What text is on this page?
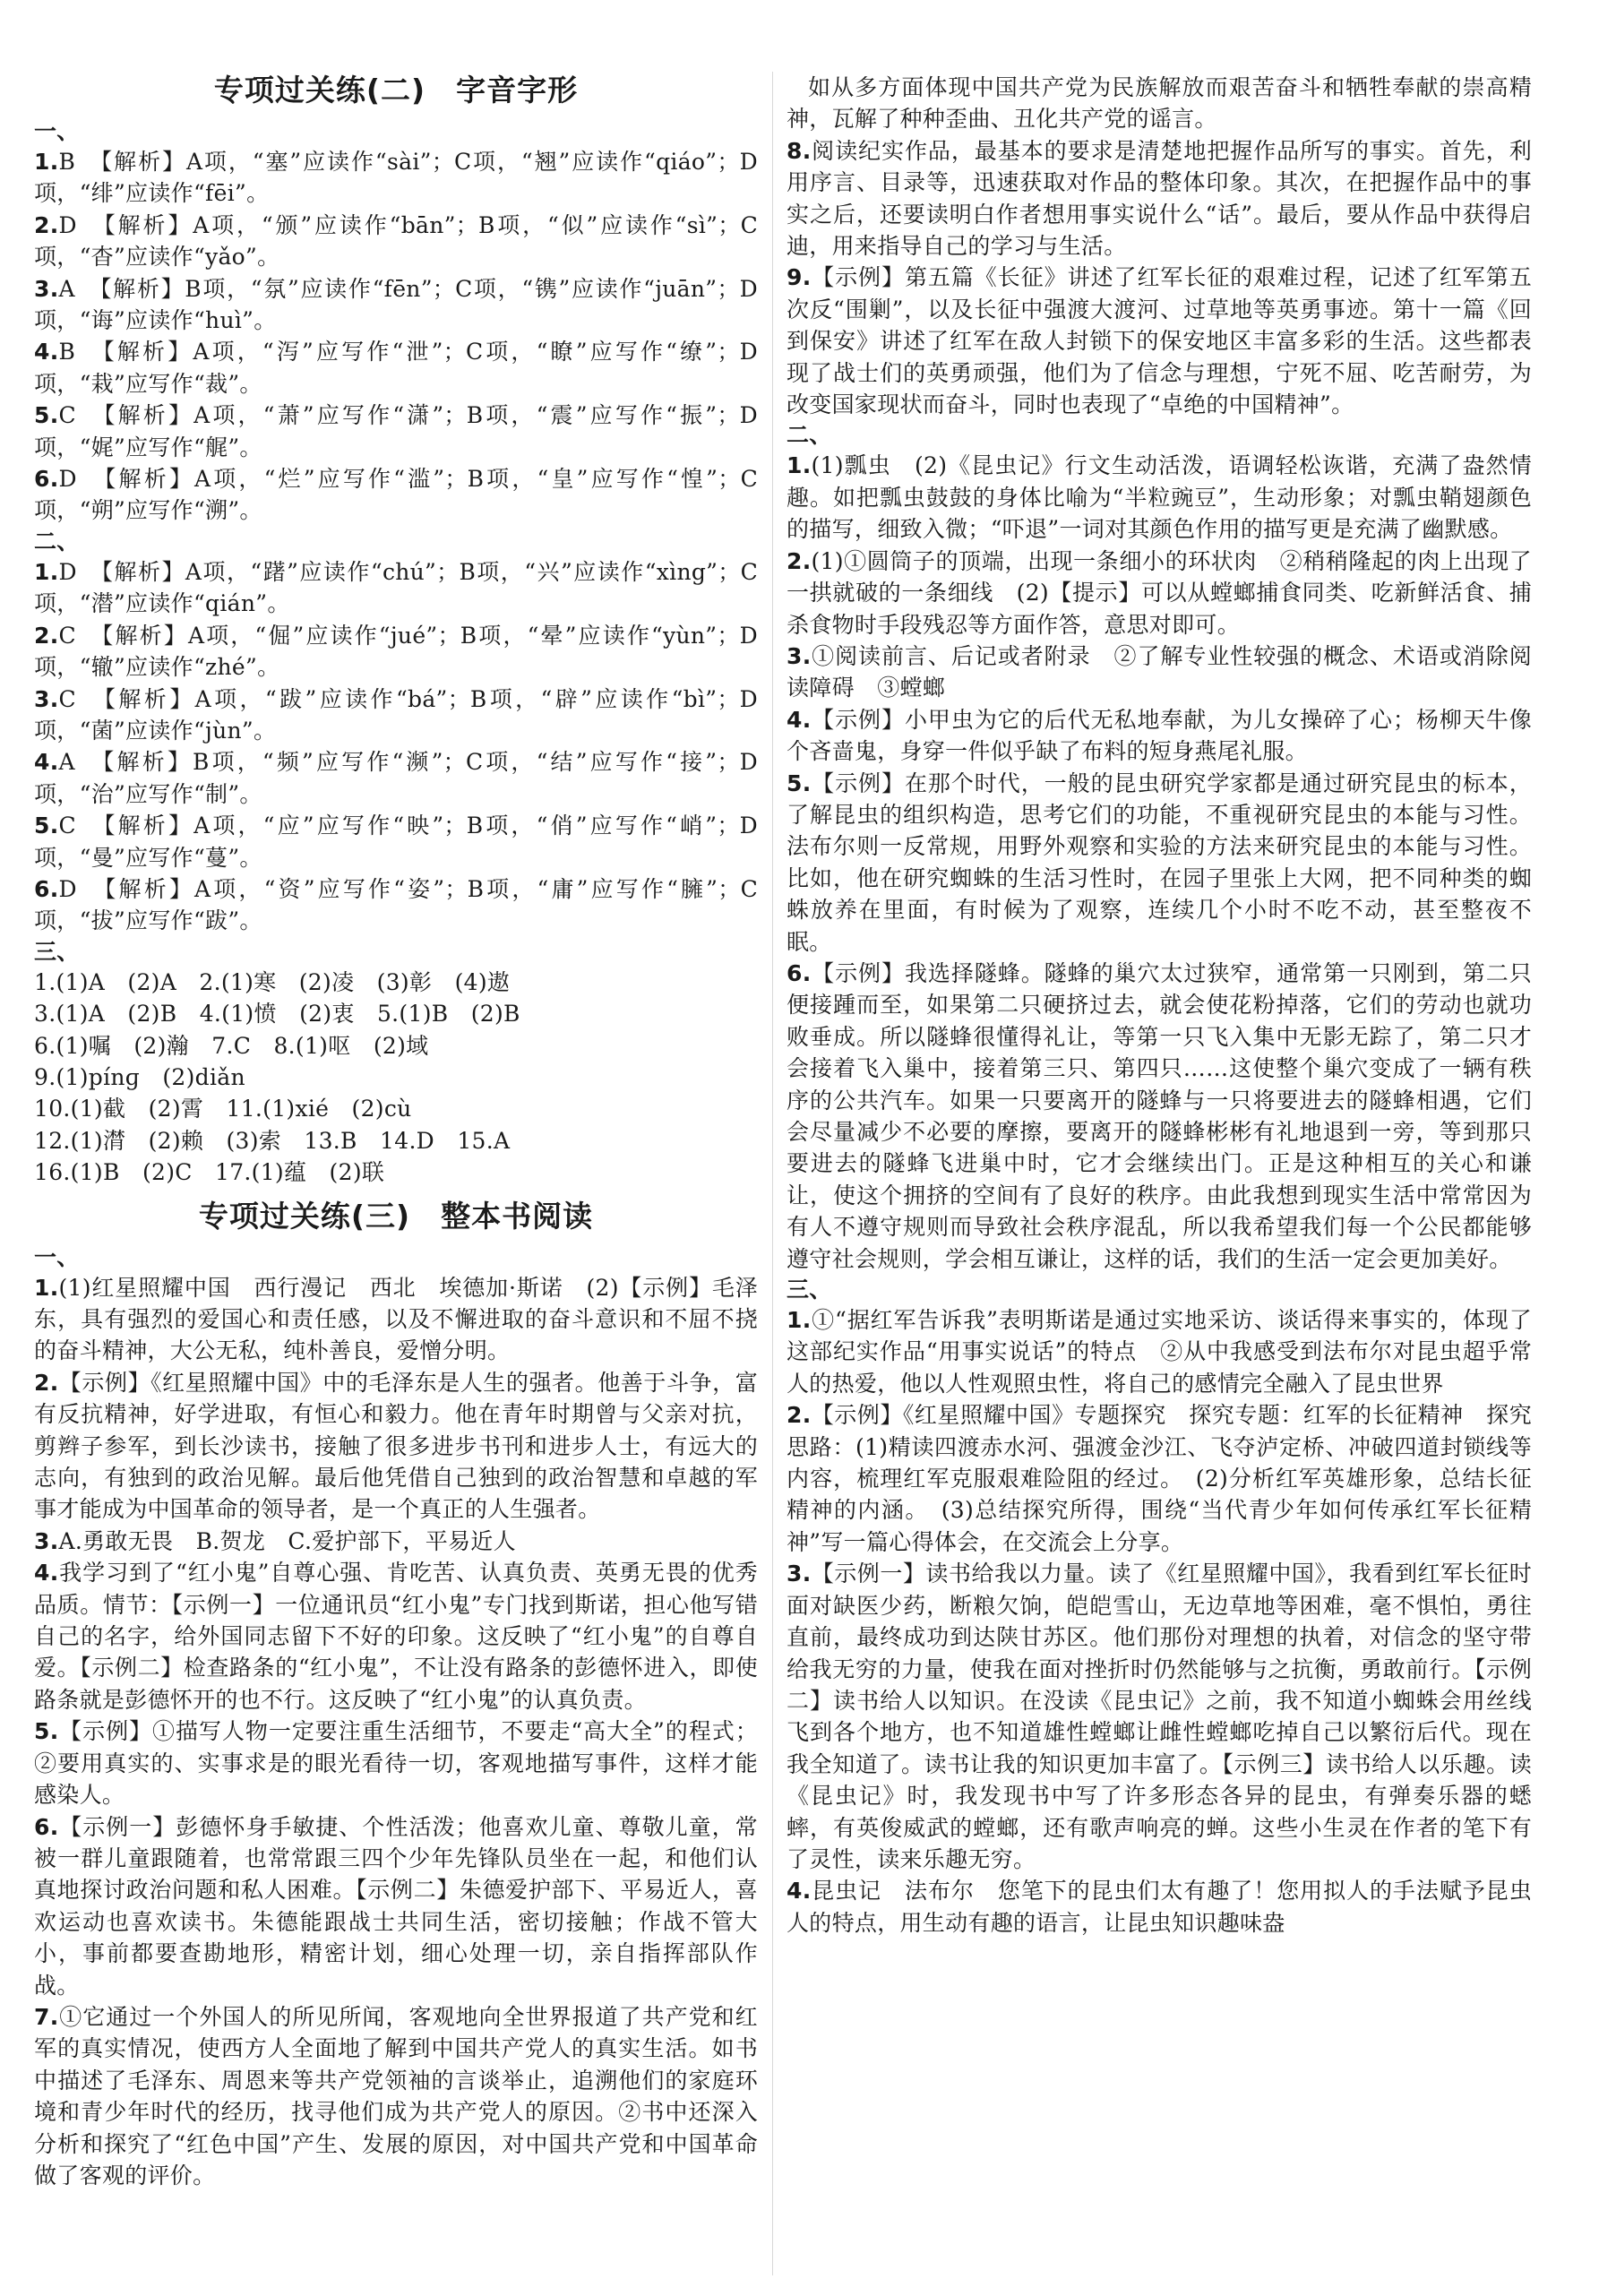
专项过关练(二)　字音字形
一、

1.B　【解析】A项，“塞”应读作“sài”；C项，“翘”应读作“qiáo”；D项，“绯”应读作“fēi”。

2.D　【解析】A项，“颁”应读作“bān”；B项，“似”应读作“sì”；C项，“杳”应读作“yǎo”。

3.A　【解析】B项，“氛”应读作“fēn”；C项，“镌”应读作“juān”；D项，“诲”应读作“huì”。

4.B　【解析】A项，“泻”应写作“泄”；C项，“瞭”应写作“缭”；D项，“栽”应写作“裁”。

5.C　【解析】A项，“萧”应写作“潇”；B项，“震”应写作“振”；D项，“娓”应写作“艉”。

6.D　【解析】A项，“烂”应写作“滥”；B项，“皇”应写作“惶”；C项，“朔”应写作“溯”。

二、

1.D　【解析】A项，“躇”应读作“chú”；B项，“兴”应读作“xìng”；C项，“潜”应读作“qián”。

2.C　【解析】A项，“倔”应读作“jué”；B项，“晕”应读作“yùn”；D项，“辙”应读作“zhé”。

3.C　【解析】A项，“跋”应读作“bá”；B项，“辟”应读作“bì”；D项，“菌”应读作“jùn”。

4.A　【解析】B项，“频”应写作“濒”；C项，“结”应写作“接”；D项，“治”应写作“制”。

5.C　【解析】A项，“应”应写作“映”；B项，“俏”应写作“峭”；D项，“曼”应写作“蔓”。

6.D　【解析】A项，“资”应写作“姿”；B项，“庸”应写作“臃”；C项，“拔”应写作“跋”。

三、

1.(1)A　(2)A　2.(1)寒　(2)凌　(3)彰　(4)遨

3.(1)A　(2)B　4.(1)愤　(2)衷　5.(1)B　(2)B

6.(1)嘱　(2)瀚　7.C　8.(1)呕　(2)域

9.(1)pínɡ　(2)diǎn

10.(1)截　(2)霄　11.(1)xié　(2)cù

12.(1)潸　(2)赖　(3)索　13.B　14.D　15.A

16.(1)B　(2)C　17.(1)蕴　(2)联

专项过关练(三)　整本书阅读
一、

1.(1)红星照耀中国　西行漫记　西北　埃德加·斯诺　(2)【示例】毛泽东，具有强烈的爱国心和责任感，以及不懈进取的奋斗意识和不屈不挠的奋斗精神，大公无私，纯朴善良，爱憎分明。

2.【示例】《红星照耀中国》中的毛泽东是人生的强者。他善于斗争，富有反抗精神，好学进取，有恒心和毅力。他在青年时期曾与父亲对抗，剪辫子参军，到长沙读书，接触了很多进步书刊和进步人士，有远大的志向，有独到的政治见解。最后他凭借自己独到的政治智慧和卓越的军事才能成为中国革命的领导者，是一个真正的人生强者。

3.A.勇敢无畏　B.贺龙　C.爱护部下，平易近人

4.我学习到了“红小鬼”自尊心强、肯吃苦、认真负责、英勇无畏的优秀品质。情节：【示例一】一位通讯员“红小鬼”专门找到斯诺，担心他写错自己的名字，给外国同志留下不好的印象。这反映了“红小鬼”的自尊自爱。【示例二】检查路条的“红小鬼”，不让没有路条的彭德怀进入，即使路条就是彭德怀开的也不行。这反映了“红小鬼”的认真负责。

5.【示例】①描写人物一定要注重生活细节，不要走“高大全”的程式；②要用真实的、实事求是的眼光看待一切，客观地描写事件，这样才能感染人。

6.【示例一】彭德怀身手敏捷、个性活泼；他喜欢儿童、尊敬儿童，常被一群儿童跟随着，也常常跟三四个少年先锋队员坐在一起，和他们认真地探讨政治问题和私人困难。【示例二】朱德爱护部下、平易近人，喜欢运动也喜欢读书。朱德能跟战士共同生活，密切接触；作战不管大小，事前都要查勘地形，精密计划，细心处理一切，亲自指挥部队作战。

7.①它通过一个外国人的所见所闻，客观地向全世界报道了共产党和红军的真实情况，使西方人全面地了解到中国共产党人的真实生活。如书中描述了毛泽东、周恩来等共产党领袖的言谈举止，追溯他们的家庭环境和青少年时代的经历，找寻他们成为共产党人的原因。②书中还深入分析和探究了“红色中国”产生、发展的原因，对中国共产党和中国革命做了客观的评价。

如从多方面体现中国共产党为民族解放而艰苦奋斗和牺牲奉献的崇高精神，瓦解了种种歪曲、丑化共产党的谣言。

8.阅读纪实作品，最基本的要求是清楚地把握作品所写的事实。首先，利用序言、目录等，迅速获取对作品的整体印象。其次，在把握作品中的事实之后，还要读明白作者想用事实说什么“话”。最后，要从作品中获得启迪，用来指导自己的学习与生活。

9.【示例】第五篇《长征》讲述了红军长征的艰难过程，记述了红军第五次反“围剿”，以及长征中强渡大渡河、过草地等英勇事迹。第十一篇《回到保安》讲述了红军在敌人封锁下的保安地区丰富多彩的生活。这些都表现了战士们的英勇顽强，他们为了信念与理想，宁死不屈、吃苦耐劳，为改变国家现状而奋斗，同时也表现了“卓绝的中国精神”。

二、

1.(1)瓢虫　(2)《昆虫记》行文生动活泼，语调轻松诙谐，充满了盎然情趣。如把瓢虫鼓鼓的身体比喻为“半粒豌豆”，生动形象；对瓢虫鞘翅颜色的描写，细致入微；“吓退”一词对其颜色作用的描写更是充满了幽默感。

2.(1)①圆筒子的顶端，出现一条细小的环状肉　②稍稍隆起的肉上出现了一拱就破的一条细线　(2)【提示】可以从螳螂捕食同类、吃新鲜活食、捕杀食物时手段残忍等方面作答，意思对即可。

3.①阅读前言、后记或者附录　②了解专业性较强的概念、术语或消除阅读障碍　③螳螂

4.【示例】小甲虫为它的后代无私地奉献，为儿女操碎了心；杨柳天牛像个吝啬鬼，身穿一件似乎缺了布料的短身燕尾礼服。

5.【示例】在那个时代，一般的昆虫研究学家都是通过研究昆虫的标本，了解昆虫的组织构造，思考它们的功能，不重视研究昆虫的本能与习性。法布尔则一反常规，用野外观察和实验的方法来研究昆虫的本能与习性。比如，他在研究蜘蛛的生活习性时，在园子里张上大网，把不同种类的蜘蛛放养在里面，有时候为了观察，连续几个小时不吃不动，甚至整夜不眠。

6.【示例】我选择隧蜂。隧蜂的巢穴太过狭窄，通常第一只刚到，第二只便接踵而至，如果第二只硬挤过去，就会使花粉掉落，它们的劳动也就功败垂成。所以隧蜂很懂得礼让，等第一只飞入集中无影无踪了，第二只才会接着飞入巢中，接着第三只、第四只……这使整个巢穴变成了一辆有秩序的公共汽车。如果一只要离开的隧蜂与一只将要进去的隧蜂相遇，它们会尽量减少不必要的摩擦，要离开的隧蜂彬彬有礼地退到一旁，等到那只要进去的隧蜂飞进巢中时，它才会继续出门。正是这种相互的关心和谦让，使这个拥挤的空间有了良好的秩序。由此我想到现实生活中常常因为有人不遵守规则而导致社会秩序混乱，所以我希望我们每一个公民都能够遵守社会规则，学会相互谦让，这样的话，我们的生活一定会更加美好。

三、

1.①“据红军告诉我”表明斯诺是通过实地采访、谈话得来事实的，体现了这部纪实作品“用事实说话”的特点　②从中我感受到法布尔对昆虫超乎常人的热爱，他以人性观照虫性，将自己的感情完全融入了昆虫世界

2.【示例】《红星照耀中国》专题探究　探究专题：红军的长征精神　探究思路：(1)精读四渡赤水河、强渡金沙江、飞夺泸定桥、冲破四道封锁线等内容，梳理红军克服艰难险阻的经过。　(2)分析红军英雄形象，总结长征精神的内涵。　(3)总结探究所得，围绕“当代青少年如何传承红军长征精神”写一篇心得体会，在交流会上分享。

3.【示例一】读书给我以力量。读了《红星照耀中国》，我看到红军长征时面对缺医少药，断粮欠饷，皑皑雪山，无边草地等困难，毫不惧怕，勇往直前，最终成功到达陕甘苏区。他们那份对理想的执着，对信念的坚守带给我无穷的力量，使我在面对挫折时仍然能够与之抗衡，勇敢前行。【示例二】读书给人以知识。在没读《昆虫记》之前，我不知道小蜘蛛会用丝线飞到各个地方，也不知道雄性螳螂让雌性螳螂吃掉自己以繁衍后代。现在我全知道了。读书让我的知识更加丰富了。【示例三】读书给人以乐趣。读《昆虫记》时，我发现书中写了许多形态各异的昆虫，有弹奏乐器的蟋蟀，有英俊威武的螳螂，还有歌声响亮的蝉。这些小生灵在作者的笔下有了灵性，读来乐趣无穷。

4.昆虫记　法布尔　您笔下的昆虫们太有趣了！您用拟人的手法赋予昆虫人的特点，用生动有趣的语言，让昆虫知识趣味盎
